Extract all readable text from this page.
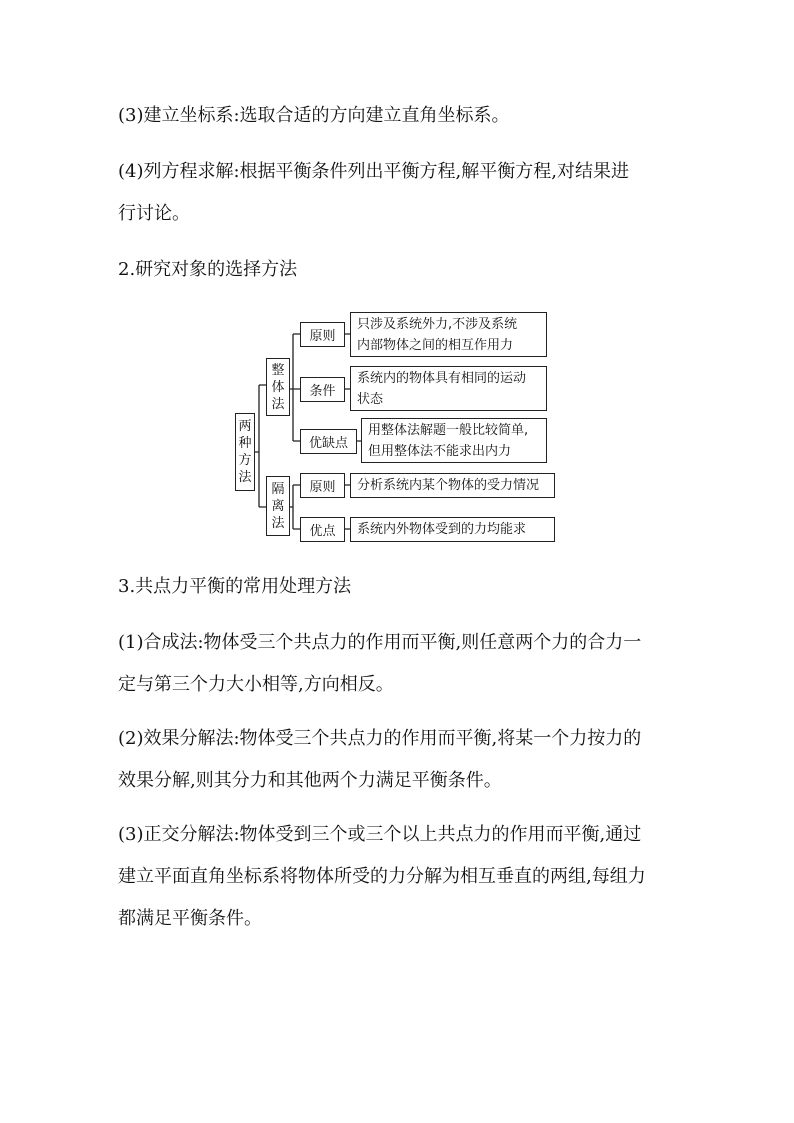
(3)建立坐标系:选取合适的方向建立直角坐标系。
(4)列方程求解:根据平衡条件列出平衡方程,解平衡方程,对结果进
行讨论。
2.研究对象的选择方法
两
种
方
法
整
体
法
隔
离
法
原则
只涉及系统外力,不涉及系统
内部物体之间的相互作用力
条件
系统内的物体具有相同的运动
状态
优缺点
用整体法解题一般比较简单,
但用整体法不能求出内力
原则	分析系统内某个物体的受力情况
优点	系统内外物体受到的力均能求
3.共点力平衡的常用处理方法
(1)合成法:物体受三个共点力的作用而平衡,则任意两个力的合力一
定与第三个力大小相等,方向相反。
(2)效果分解法:物体受三个共点力的作用而平衡,将某一个力按力的
效果分解,则其分力和其他两个力满足平衡条件。
(3)正交分解法:物体受到三个或三个以上共点力的作用而平衡,通过
建立平面直角坐标系将物体所受的力分解为相互垂直的两组,每组力
都满足平衡条件。
